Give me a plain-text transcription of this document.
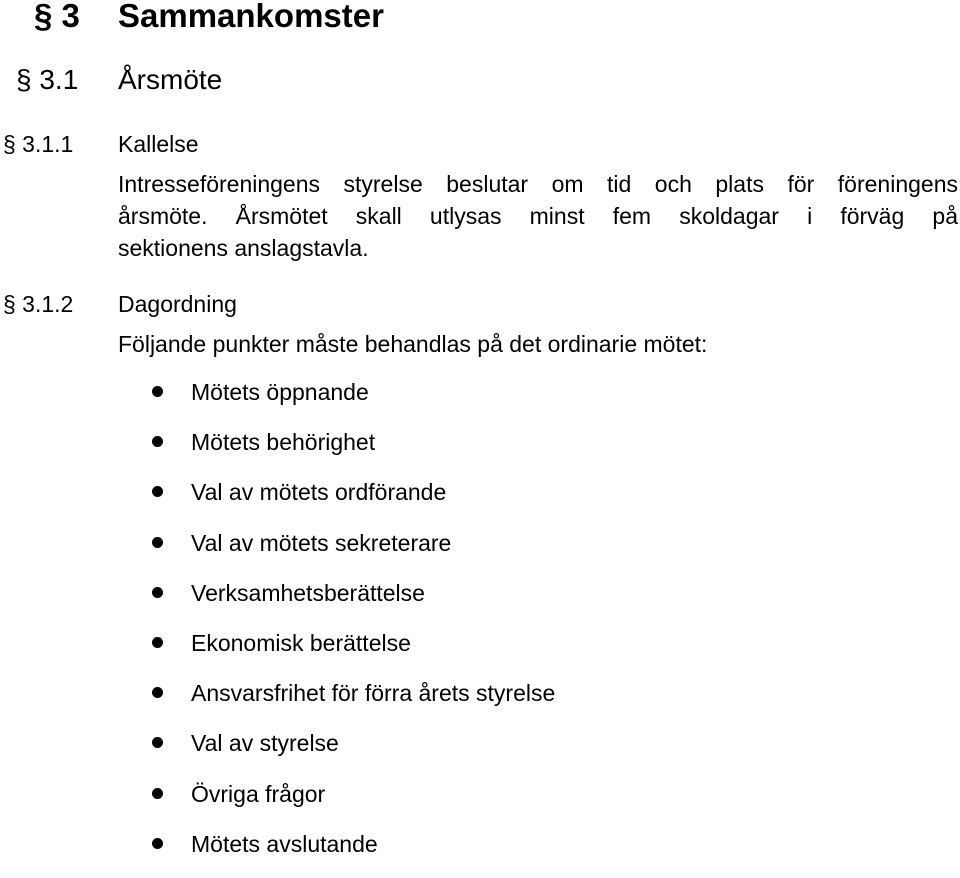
§ 3 Sammankomster
§ 3.1 Årsmöte
§ 3.1.1 Kallelse
Intresseföreningens styrelse beslutar om tid och plats för föreningens
årsmöte. Årsmötet skall utlysas minst fem skoldagar i förväg på
sektionens anslagstavla.
§ 3.1.2 Dagordning
Följande punkter måste behandlas på det ordinarie mötet:
Mötets öppnande
Mötets behörighet
Val av mötets ordförande
Val av mötets sekreterare
Verksamhetsberättelse
Ekonomisk berättelse
Ansvarsfrihet för förra årets styrelse
Val av styrelse
Övriga frågor
Mötets avslutande
